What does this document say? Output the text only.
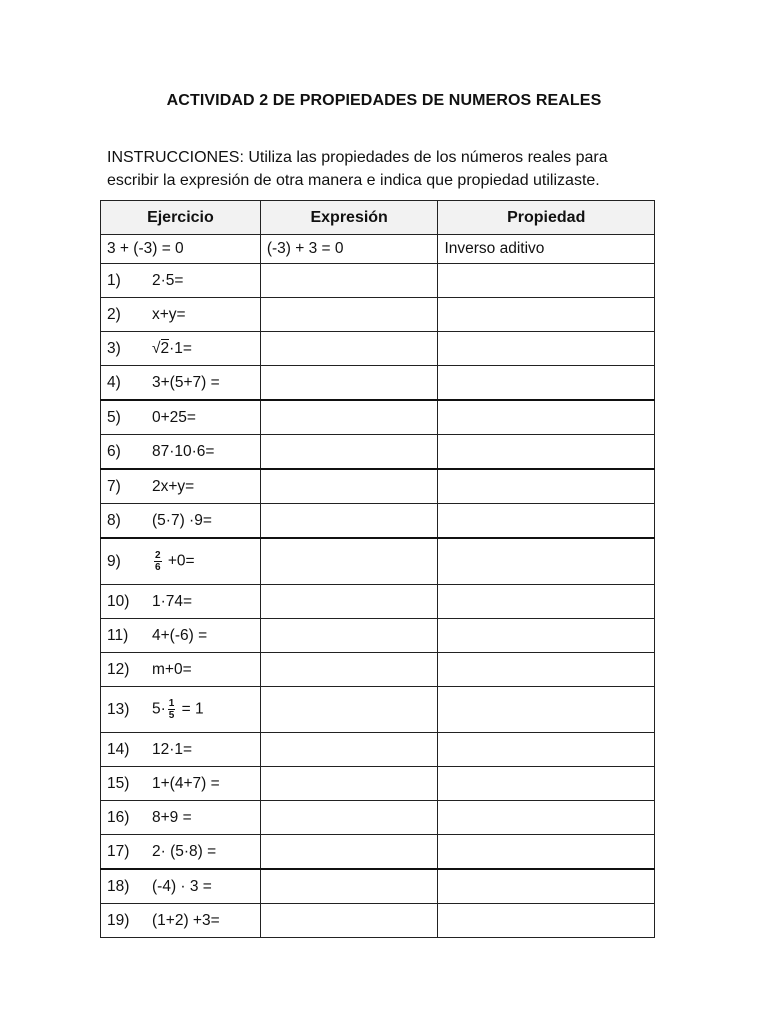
ACTIVIDAD 2 DE PROPIEDADES DE NUMEROS REALES

INSTRUCCIONES: Utiliza las propiedades de los números reales para

escribir la expresión de otra manera e indica que propiedad utilizaste.

Ejercicio	Expresión	Propiedad
3 + (-3) = 0	(-3) + 3 = 0	Inverso aditivo
1) 2·5=		
2) x+y=		
3) √2·1=		
4) 3+(5+7) =		
5) 0+25=		
6) 87·10·6=		
7) 2x+y=		
8) (5·7) ·9=		
$9) \frac{2}{6} +0=$		
10) 1·74=		
11) 4+(-6) =		
12) m+0=		
13) $5\cdot \frac{1}{5} = 1$		
14) 12·1=		
15) 1+(4+7) =		
16) 8+9 =		
17) 2· (5·8) =		
18) (-4) · 3 =		
19) (1+2) +3=		
